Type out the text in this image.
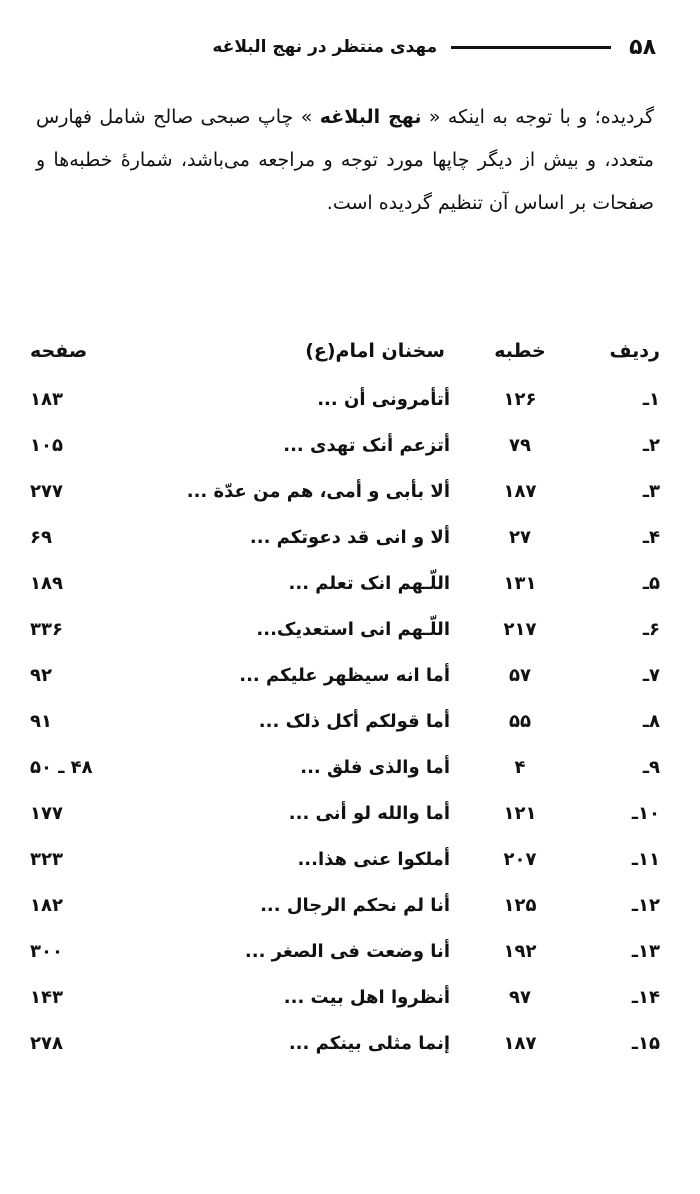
۵۸
مهدی منتظر در نهج البلاغه
گردیده؛ و با توجه به اینکه « نهج البلاغه » چاپ صبحی صالح شامل فهارس متعدد، و بیش از دیگر چاپها مورد توجه و مراجعه می‌باشد، شمارهٔ خطبه‌ها و صفحات بر اساس آن تنظیم گردیده است.
ردیف
خطبه
سخنان امام(ع)
صفحه
۱ـ
۱۲۶
أتأمرونی أن ...
۱۸۳
۲ـ
۷۹
أتزعم أنک تهدی ...
۱۰۵
۳ـ
۱۸۷
ألا بأبی و أمی، هم من عدّة ...
۲۷۷
۴ـ
۲۷
ألا و انی قد دعوتکم ...
۶۹
۵ـ
۱۳۱
اللّـهم انک تعلم ...
۱۸۹
۶ـ
۲۱۷
اللّـهم انی استعدیک...
۳۳۶
۷ـ
۵۷
أما انه سیظهر علیکم ...
۹۲
۸ـ
۵۵
أما قولکم أکل ذلک ...
۹۱
۹ـ
۴
أما والذی فلق ...
۴۸ ـ ۵۰
۱۰ـ
۱۲۱
أما والله لو أنی ...
۱۷۷
۱۱ـ
۲۰۷
أملکوا عنی هذا...
۳۲۳
۱۲ـ
۱۲۵
أنا لم نحکم الرجال ...
۱۸۲
۱۳ـ
۱۹۲
أنا وضعت فی الصغر ...
۳۰۰
۱۴ـ
۹۷
أنظروا اهل بیت ...
۱۴۳
۱۵ـ
۱۸۷
إنما مثلی بینکم ...
۲۷۸
